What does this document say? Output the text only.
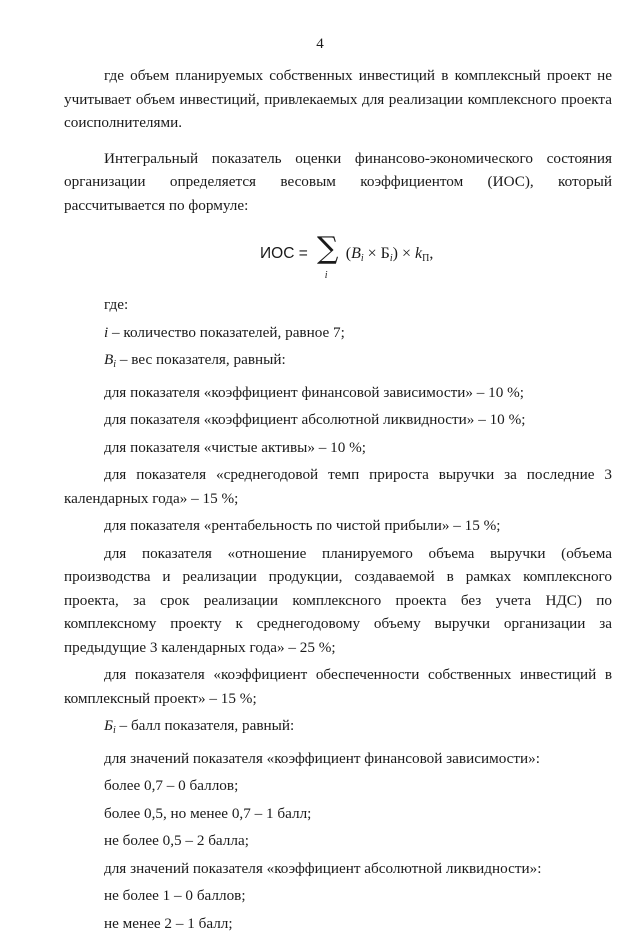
4

где объем планируемых собственных инвестиций в комплексный проект не учитывает объем инвестиций, привлекаемых для реализации комплексного проекта соисполнителями.

Интегральный показатель оценки финансово-экономического состояния организации определяется весовым коэффициентом (ИОС), который рассчитывается по формуле:

ИОС = ∑
i
(Bi × Бi) × kП,

где:

i – количество показателей, равное 7;

Bi – вес показателя, равный:

для показателя «коэффициент финансовой зависимости» – 10 %;

для показателя «коэффициент абсолютной ликвидности» – 10 %;

для показателя «чистые активы» – 10 %;

для показателя «среднегодовой темп прироста выручки за последние 3 календарных года» – 15 %;

для показателя «рентабельность по чистой прибыли» – 15 %;

для показателя «отношение планируемого объема выручки (объема производства и реализации продукции, создаваемой в рамках комплексного проекта, за срок реализации комплексного проекта без учета НДС) по комплексному проекту к среднегодовому объему выручки организации за предыдущие 3 календарных года» – 25 %;

для показателя «коэффициент обеспеченности собственных инвестиций в комплексный проект» – 15 %;

Бi – балл показателя, равный:

для значений показателя «коэффициент финансовой зависимости»:

более 0,7 – 0 баллов;

более 0,5, но менее 0,7 – 1 балл;

не более 0,5 – 2 балла;

для значений показателя «коэффициент абсолютной ликвидности»:

не более 1 – 0 баллов;

не менее 2 – 1 балл;
